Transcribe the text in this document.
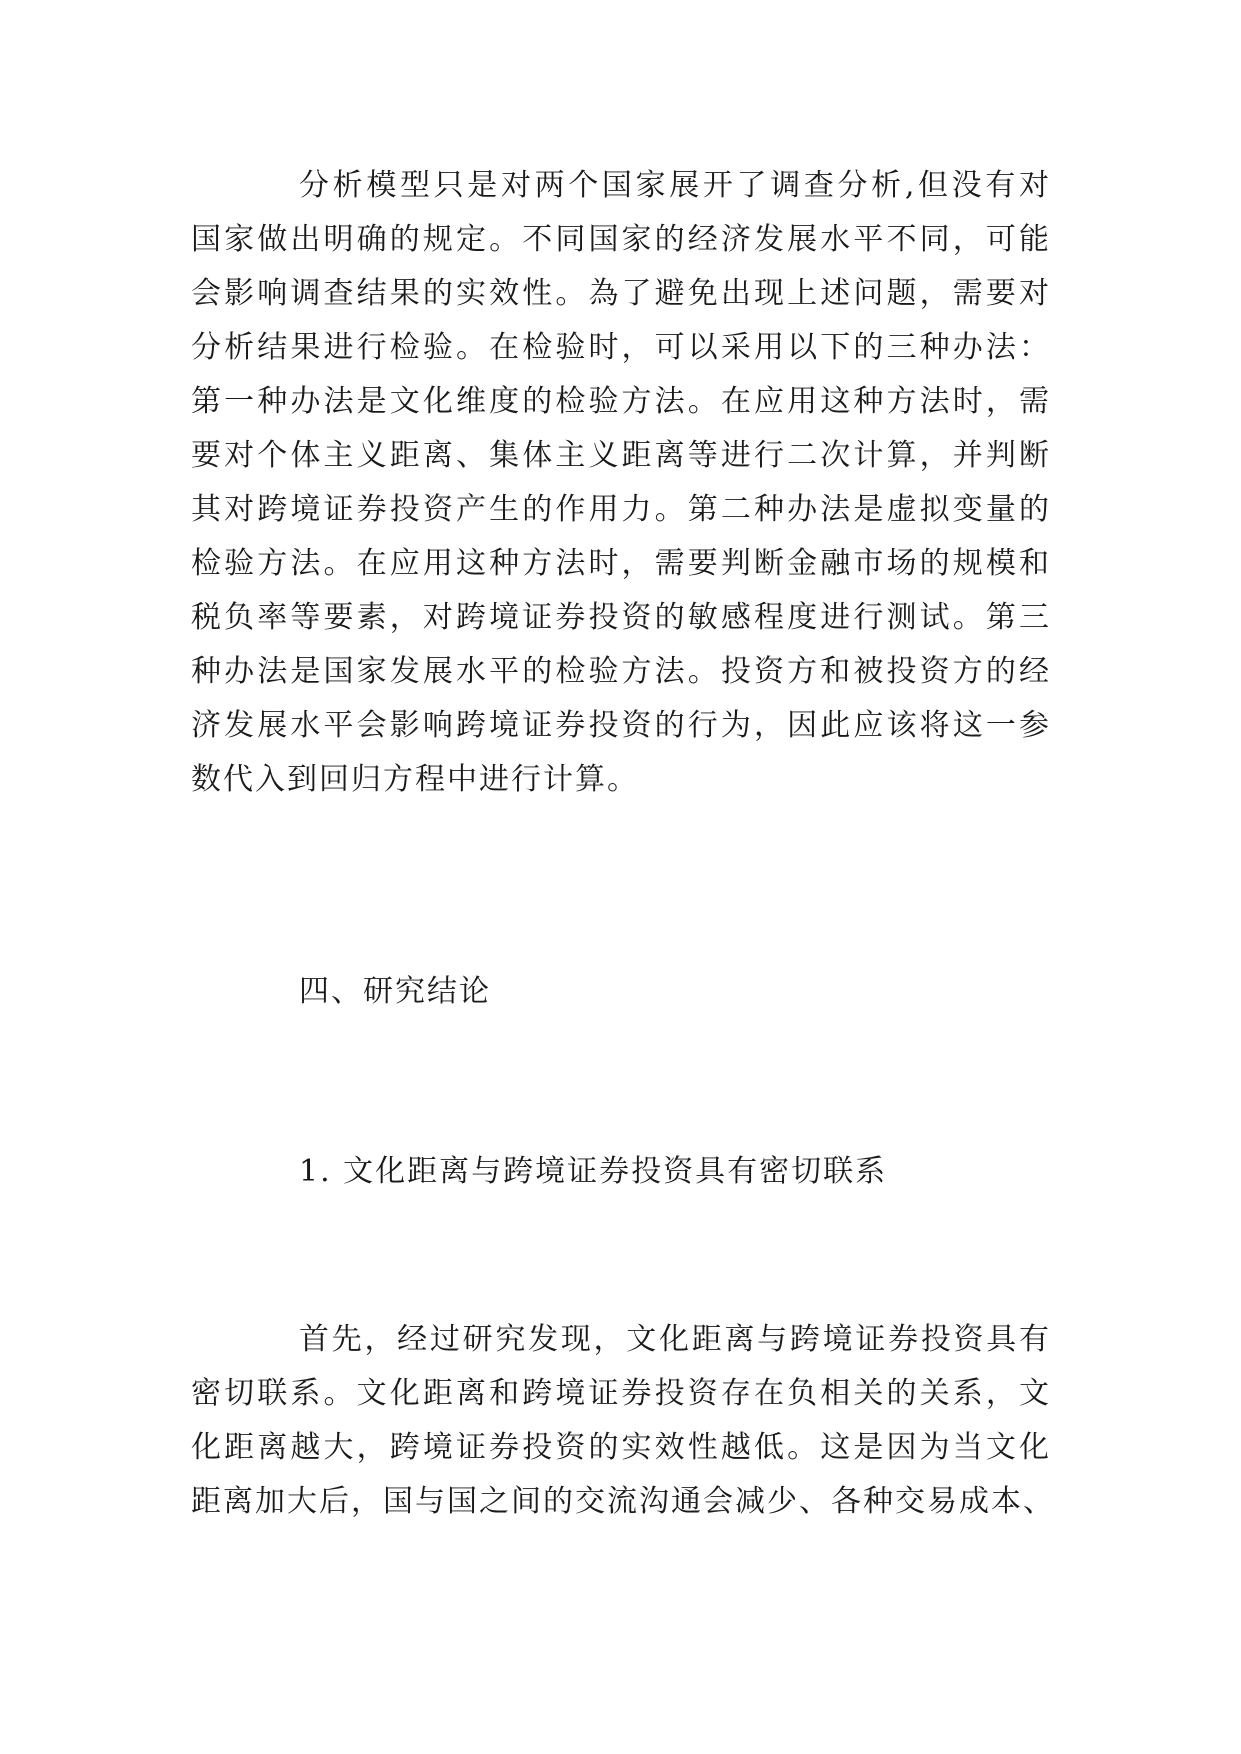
分析模型只是对两个国家展开了调查分析,但没有对
国家做出明确的规定。不同国家的经济发展水平不同，可能
会影响调查结果的实效性。為了避免出现上述问题，需要对
分析结果进行检验。在检验时，可以采用以下的三种办法：
第一种办法是文化维度的检验方法。在应用这种方法时，需
要对个体主义距离、集体主义距离等进行二次计算，并判断
其对跨境证券投资产生的作用力。第二种办法是虚拟变量的
检验方法。在应用这种方法时，需要判断金融市场的规模和
税负率等要素，对跨境证券投资的敏感程度进行测试。第三
种办法是国家发展水平的检验方法。投资方和被投资方的经
济发展水平会影响跨境证券投资的行为，因此应该将这一参
数代入到回归方程中进行计算。
四、研究结论
1. 文化距离与跨境证券投资具有密切联系
首先，经过研究发现，文化距离与跨境证券投资具有
密切联系。文化距离和跨境证券投资存在负相关的关系，文
化距离越大，跨境证券投资的实效性越低。这是因为当文化
距离加大后，国与国之间的交流沟通会减少、各种交易成本、
